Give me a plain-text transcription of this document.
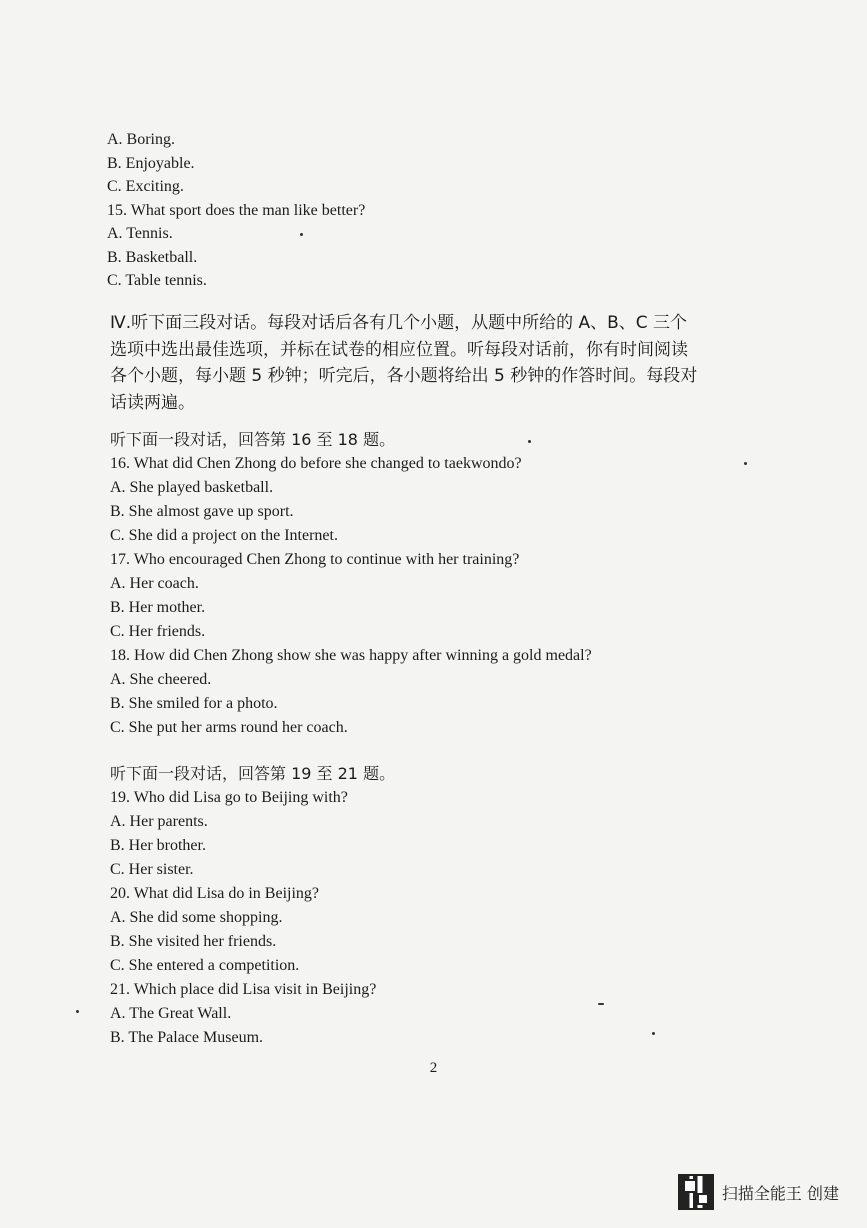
A. Boring.
B. Enjoyable.
C. Exciting.
15. What sport does the man like better?
A. Tennis.
B. Basketball.
C. Table tennis.
Ⅳ.听下面三段对话。每段对话后各有几个小题，从题中所给的 A、B、C 三个
选项中选出最佳选项，并标在试卷的相应位置。听每段对话前，你有时间阅读
各个小题，每小题 5 秒钟；听完后，各小题将给出 5 秒钟的作答时间。每段对
话读两遍。
听下面一段对话，回答第 16 至 18 题。
16. What did Chen Zhong do before she changed to taekwondo?
A. She played basketball.
B. She almost gave up sport.
C. She did a project on the Internet.
17. Who encouraged Chen Zhong to continue with her training?
A. Her coach.
B. Her mother.
C. Her friends.
18. How did Chen Zhong show she was happy after winning a gold medal?
A. She cheered.
B. She smiled for a photo.
C. She put her arms round her coach.
听下面一段对话，回答第 19 至 21 题。
19. Who did Lisa go to Beijing with?
A. Her parents.
B. Her brother.
C. Her sister.
20. What did Lisa do in Beijing?
A. She did some shopping.
B. She visited her friends.
C. She entered a competition.
21. Which place did Lisa visit in Beijing?
A. The Great Wall.
B. The Palace Museum.
2
扫描全能王 创建
